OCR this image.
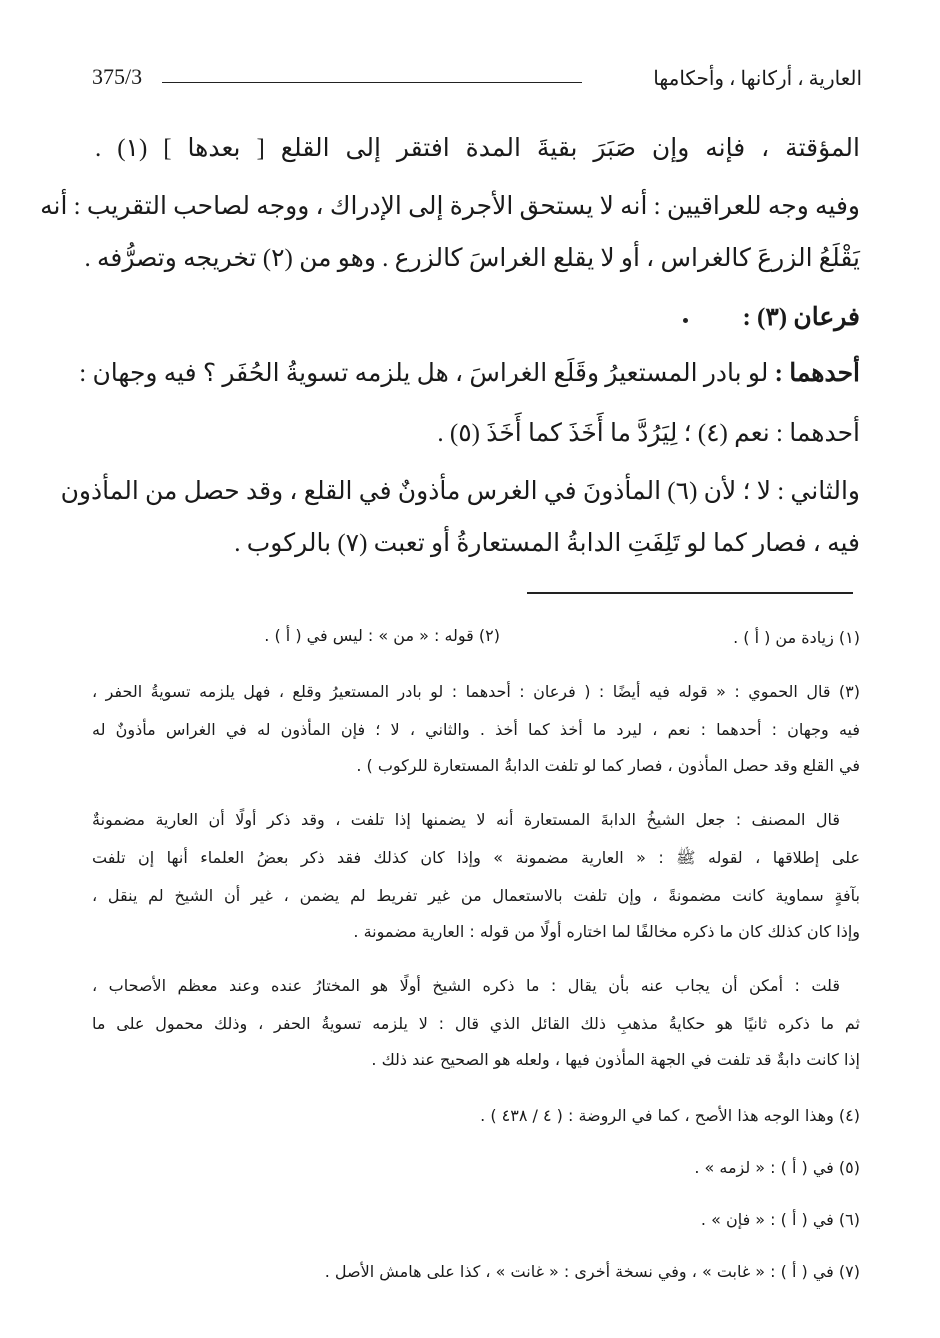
375/3	العارية ، أركانها ، وأحكامها
المؤقتة ، فإنه وإن صَبَرَ بقيةَ المدة افتقر إلى القلع [ بعدها ] (١) .
وفيه وجه للعراقيين : أنه لا يستحق الأجرة إلى الإدراك ، ووجه لصاحب التقريب : أنه
يَقْلَعُ الزرعَ كالغراس ، أو لا يقلع الغراسَ كالزرع . وهو من (٢) تخريجه وتصرُّفه .
فرعان (٣) :
أحدهما : لو بادر المستعيرُ وقَلَع الغراسَ ، هل يلزمه تسويةُ الحُفَر ؟ فيه وجهان :
أحدهما : نعم (٤) ؛ لِيَرُدَّ ما أَخَذَ كما أَخَذَ (٥) .
والثاني : لا ؛ لأن (٦) المأذونَ في الغرس مأذونٌ في القلع ، وقد حصل من المأذون
فيه ، فصار كما لو تَلِفَتِ الدابةُ المستعارةُ أو تعبت (٧) بالركوب .
(١) زيادة من ( أ ) .
(٢) قوله : « من » : ليس في ( أ ) .
(٣) قال الحموي : « قوله فيه أيضًا : ( فرعان : أحدهما : لو بادر المستعيرُ وقلع ، فهل يلزمه تسويةُ الحفر ،
فيه وجهان : أحدهما : نعم ، ليرد ما أخذ كما أخذ . والثاني ، لا ؛ فإن المأذون له في الغراس مأذونٌ له
في القلع وقد حصل المأذون ، فصار كما لو تلفت الدابةُ المستعارة للركوب ) .
قال المصنف : جعل الشيخُ الدابةَ المستعارة أنه لا يضمنها إذا تلفت ، وقد ذكر أولًا أن العارية مضمونةٌ
على إطلاقها ، لقوله ﷺ : « العارية مضمونة » وإذا كان كذلك فقد ذكر بعضُ العلماء أنها إن تلفت
بآفةٍ سماوية كانت مضمونةً ، وإن تلفت بالاستعمال من غير تفريط لم يضمن ، غير أن الشيخ لم ينقل ،
وإذا كان كذلك كان ما ذكره مخالفًا لما اختاره أولًا من قوله : العارية مضمونة .
قلت : أمكن أن يجاب عنه بأن يقال : ما ذكره الشيخ أولًا هو المختارُ عنده وعند معظم الأصحاب ،
ثم ما ذكره ثانيًا هو حكايةُ مذهبِ ذلك القائل الذي قال : لا يلزمه تسويةُ الحفر ، وذلك محمول على ما
إذا كانت دابةٌ قد تلفت في الجهة المأذون فيها ، ولعله هو الصحيح عند ذلك .
(٤) وهذا الوجه هذا الأصح ، كما في الروضة : ( ٤ / ٤٣٨ ) .
(٥) في ( أ ) : « لزمه » .
(٦) في ( أ ) : « فإن » .
(٧) في ( أ ) : « غابت » ، وفي نسخة أخرى : « غانت » ، كذا على هامش الأصل .
